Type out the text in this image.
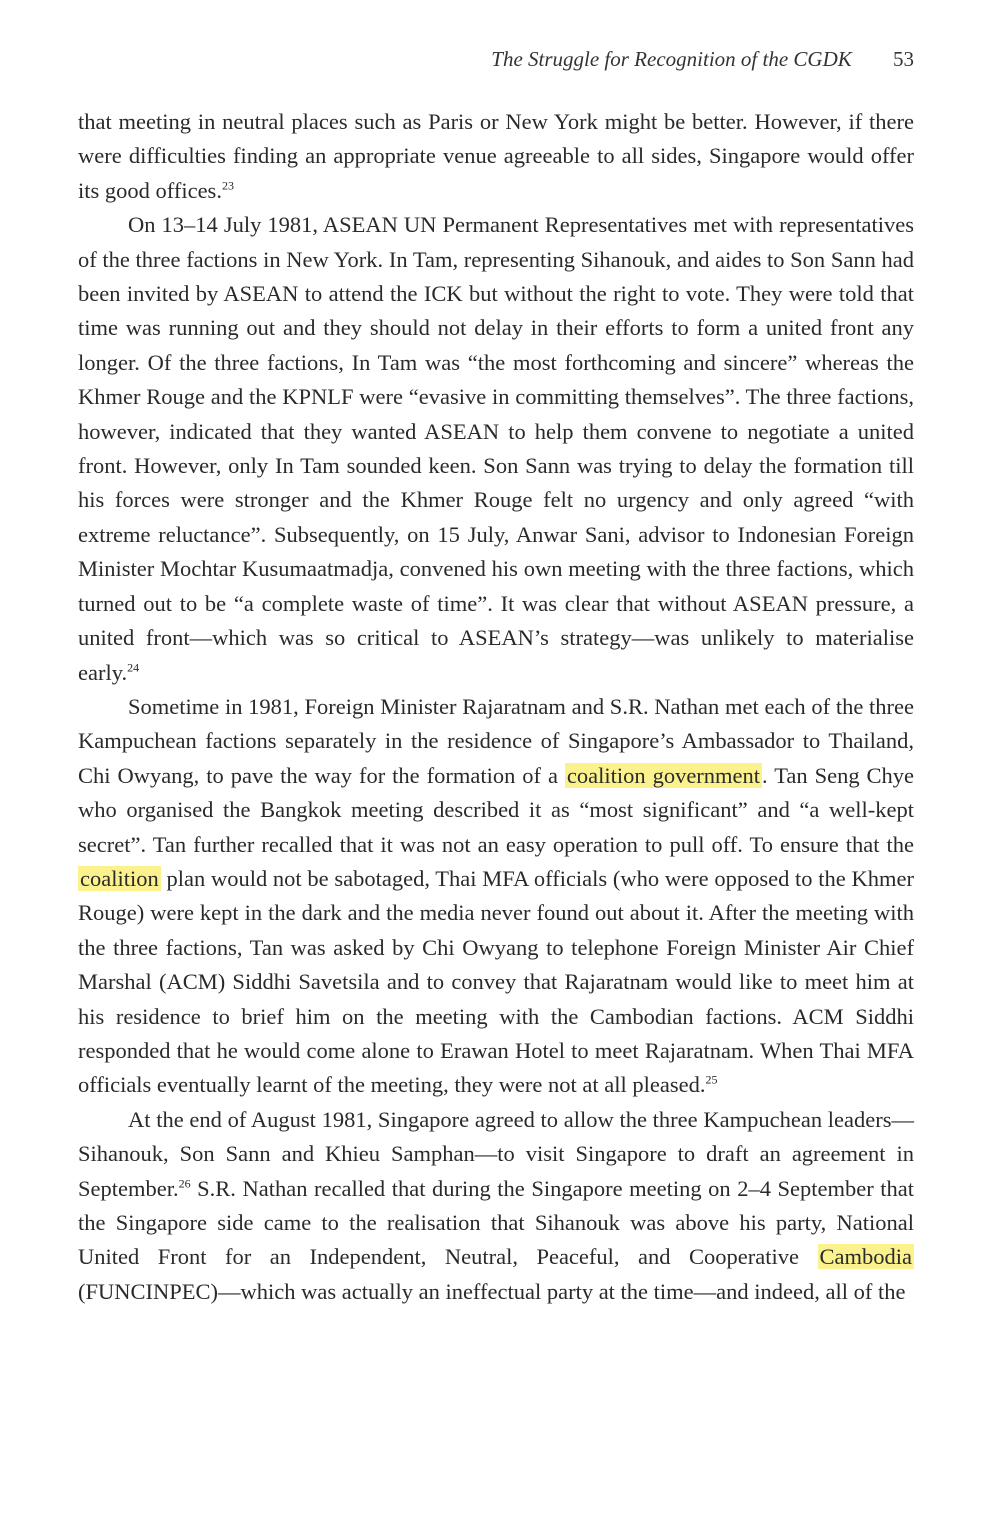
The Struggle for Recognition of the CGDK 53

that meeting in neutral places such as Paris or New York might be better. However, if there were difficulties finding an appropriate venue agreeable to all sides, Singapore would offer its good offices.$^{23}$

On 13–14 July 1981, ASEAN UN Permanent Representatives met with representatives of the three factions in New York. In Tam, representing Sihanouk, and aides to Son Sann had been invited by ASEAN to attend the ICK but without the right to vote. They were told that time was running out and they should not delay in their efforts to form a united front any longer. Of the three factions, In Tam was “the most forthcoming and sincere” whereas the Khmer Rouge and the KPNLF were “evasive in committing themselves”. The three factions, however, indicated that they wanted ASEAN to help them convene to negotiate a united front. However, only In Tam sounded keen. Son Sann was trying to delay the formation till his forces were stronger and the Khmer Rouge felt no urgency and only agreed “with extreme reluctance”. Subsequently, on 15 July, Anwar Sani, advisor to Indonesian Foreign Minister Mochtar Kusumaatmadja, convened his own meeting with the three factions, which turned out to be “a complete waste of time”. It was clear that without ASEAN pressure, a united front—which was so critical to ASEAN’s strategy—was unlikely to materialise early.$^{24}$

Sometime in 1981, Foreign Minister Rajaratnam and S.R. Nathan met each of the three Kampuchean factions separately in the residence of Singapore’s Ambassador to Thailand, Chi Owyang, to pave the way for the formation of a coalition government. Tan Seng Chye who organised the Bangkok meeting described it as “most significant” and “a well-kept secret”. Tan further recalled that it was not an easy operation to pull off. To ensure that the coalition plan would not be sabotaged, Thai MFA officials (who were opposed to the Khmer Rouge) were kept in the dark and the media never found out about it. After the meeting with the three factions, Tan was asked by Chi Owyang to telephone Foreign Minister Air Chief Marshal (ACM) Siddhi Savetsila and to convey that Rajaratnam would like to meet him at his residence to brief him on the meeting with the Cambodian factions. ACM Siddhi responded that he would come alone to Erawan Hotel to meet Rajaratnam. When Thai MFA officials eventually learnt of the meeting, they were not at all pleased.$^{25}$

At the end of August 1981, Singapore agreed to allow the three Kampuchean leaders—Sihanouk, Son Sann and Khieu Samphan—to visit Singapore to draft an agreement in September.$^{26}$ S.R. Nathan recalled that during the Singapore meeting on 2–4 September that the Singapore side came to the realisation that Sihanouk was above his party, National United Front for an Independent, Neutral, Peaceful, and Cooperative Cambodia (FUNCINPEC)—which was actually an ineffectual party at the time—and indeed, all of the
